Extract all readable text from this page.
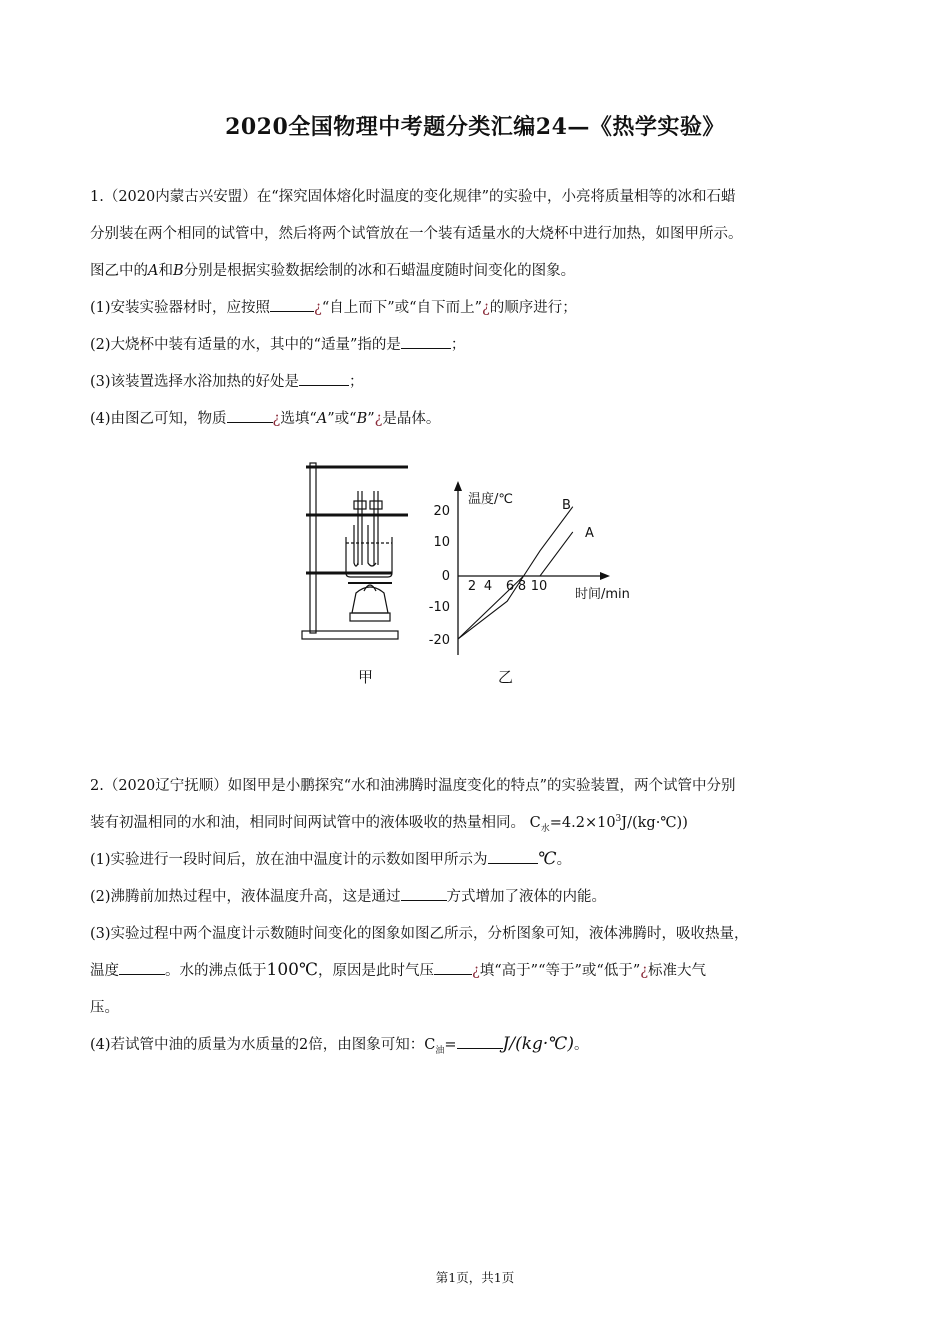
2020全国物理中考题分类汇编24—《热学实验》
1.（2020内蒙古兴安盟）在“探究固体熔化时温度的变化规律”的实验中，小亮将质量相等的冰和石蜡
分别装在两个相同的试管中，然后将两个试管放在一个装有适量水的大烧杯中进行加热，如图甲所示。
图乙中的A和B分别是根据实验数据绘制的冰和石蜡温度随时间变化的图象。
(1)安装实验器材时，应按照	¿“自上而下”或“自下而上”¿的顺序进行；
(2)大烧杯中装有适量的水，其中的“适量”指的是	；
(3)该装置选择水浴加热的好处是	；
(4)由图乙可知，物质	¿选填“A”或“B”¿是晶体。
温度/℃
时间/min
20
10
0
-10
-20
2 4 6 8 10
B
A
甲	乙
2.（2020辽宁抚顺）如图甲是小鹏探究“水和油沸腾时温度变化的特点”的实验装置，两个试管中分别
装有初温相同的水和油，相同时间两试管中的液体吸收的热量相同。 $C_水=4.2\times 10^3J/(kg\cdot℃)$)
(1)实验进行一段时间后，放在油中温度计的示数如图甲所示为	℃。
(2)沸腾前加热过程中，液体温度升高，这是通过	方式增加了液体的内能。
(3)实验过程中两个温度计示数随时间变化的图象如图乙所示，分析图象可知，液体沸腾时，吸收热量，
温度	。水的沸点低于100℃，原因是此时气压	¿填“高于”“等于”或“低于”¿标准大气
压。
(4)若试管中油的质量为水质量的2倍，由图象可知：$C_油=$	J/(kg·℃)。
第1页，共1页
